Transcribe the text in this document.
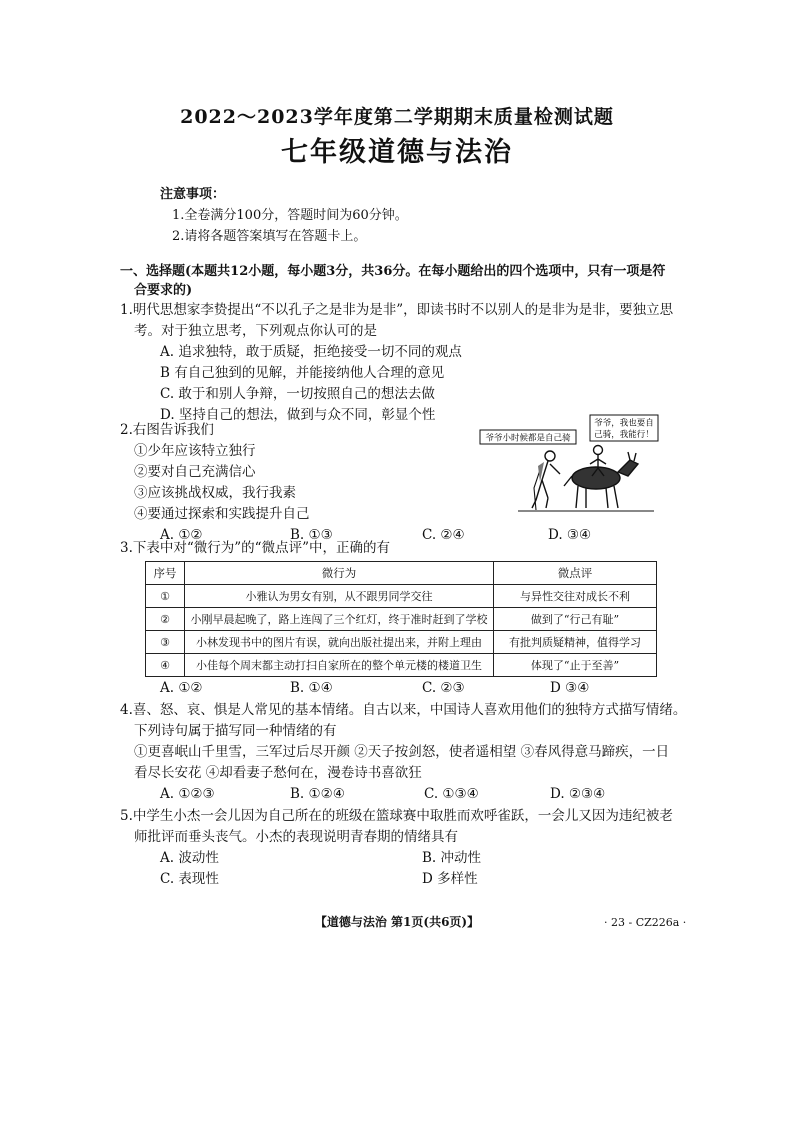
2022～2023学年度第二学期期末质量检测试题
七年级道德与法治
注意事项：
1.全卷满分100分，答题时间为60分钟。
2.请将各题答案填写在答题卡上。
一、选择题(本题共12小题，每小题3分，共36分。在每小题给出的四个选项中，只有一项是符
合要求的)
1.明代思想家李贽提出“不以孔子之是非为是非”，即读书时不以别人的是非为是非，要独立思
考。对于独立思考，下列观点你认可的是
A. 追求独特，敢于质疑，拒绝接受一切不同的观点
B 有自己独到的见解，并能接纳他人合理的意见
C. 敢于和别人争辩，一切按照自己的想法去做
D. 坚持自己的想法，做到与众不同，彰显个性
2.右图告诉我们
①少年应该特立独行
②要对自己充满信心
③应该挑战权威，我行我素
④要通过探索和实践提升自己
A. ①②	B. ①③	C. ②④	D. ③④
爷爷小时候都是自己骑
爷爷，我也要自
己骑，我能行！
3.下表中对“微行为”的“微点评”中，正确的有
序号	微行为	微点评
①	小雅认为男女有别，从不跟男同学交往	与异性交往对成长不利
②	小刚早晨起晚了，路上连闯了三个红灯，终于准时赶到了学校	做到了“行己有耻”
③	小林发现书中的图片有误，就向出版社提出来，并附上理由	有批判质疑精神，值得学习
④	小佳每个周末都主动打扫自家所在的整个单元楼的楼道卫生	体现了“止于至善”
A. ①②	B. ①④	C. ②③	D ③④
4.喜、怒、哀、惧是人常见的基本情绪。自古以来，中国诗人喜欢用他们的独特方式描写情绪。
下列诗句属于描写同一种情绪的有
①更喜岷山千里雪，三军过后尽开颜 ②天子按剑怒，使者遥相望 ③春风得意马蹄疾，一日
看尽长安花 ④却看妻子愁何在，漫卷诗书喜欲狂
A. ①②③	B. ①②④	C. ①③④	D. ②③④
5.中学生小杰一会儿因为自己所在的班级在篮球赛中取胜而欢呼雀跃，一会儿又因为违纪被老
师批评而垂头丧气。小杰的表现说明青春期的情绪具有
A. 波动性	B. 冲动性
C. 表现性	D 多样性
【道德与法治 第1页(共6页)】	· 23 - CZ226a ·
